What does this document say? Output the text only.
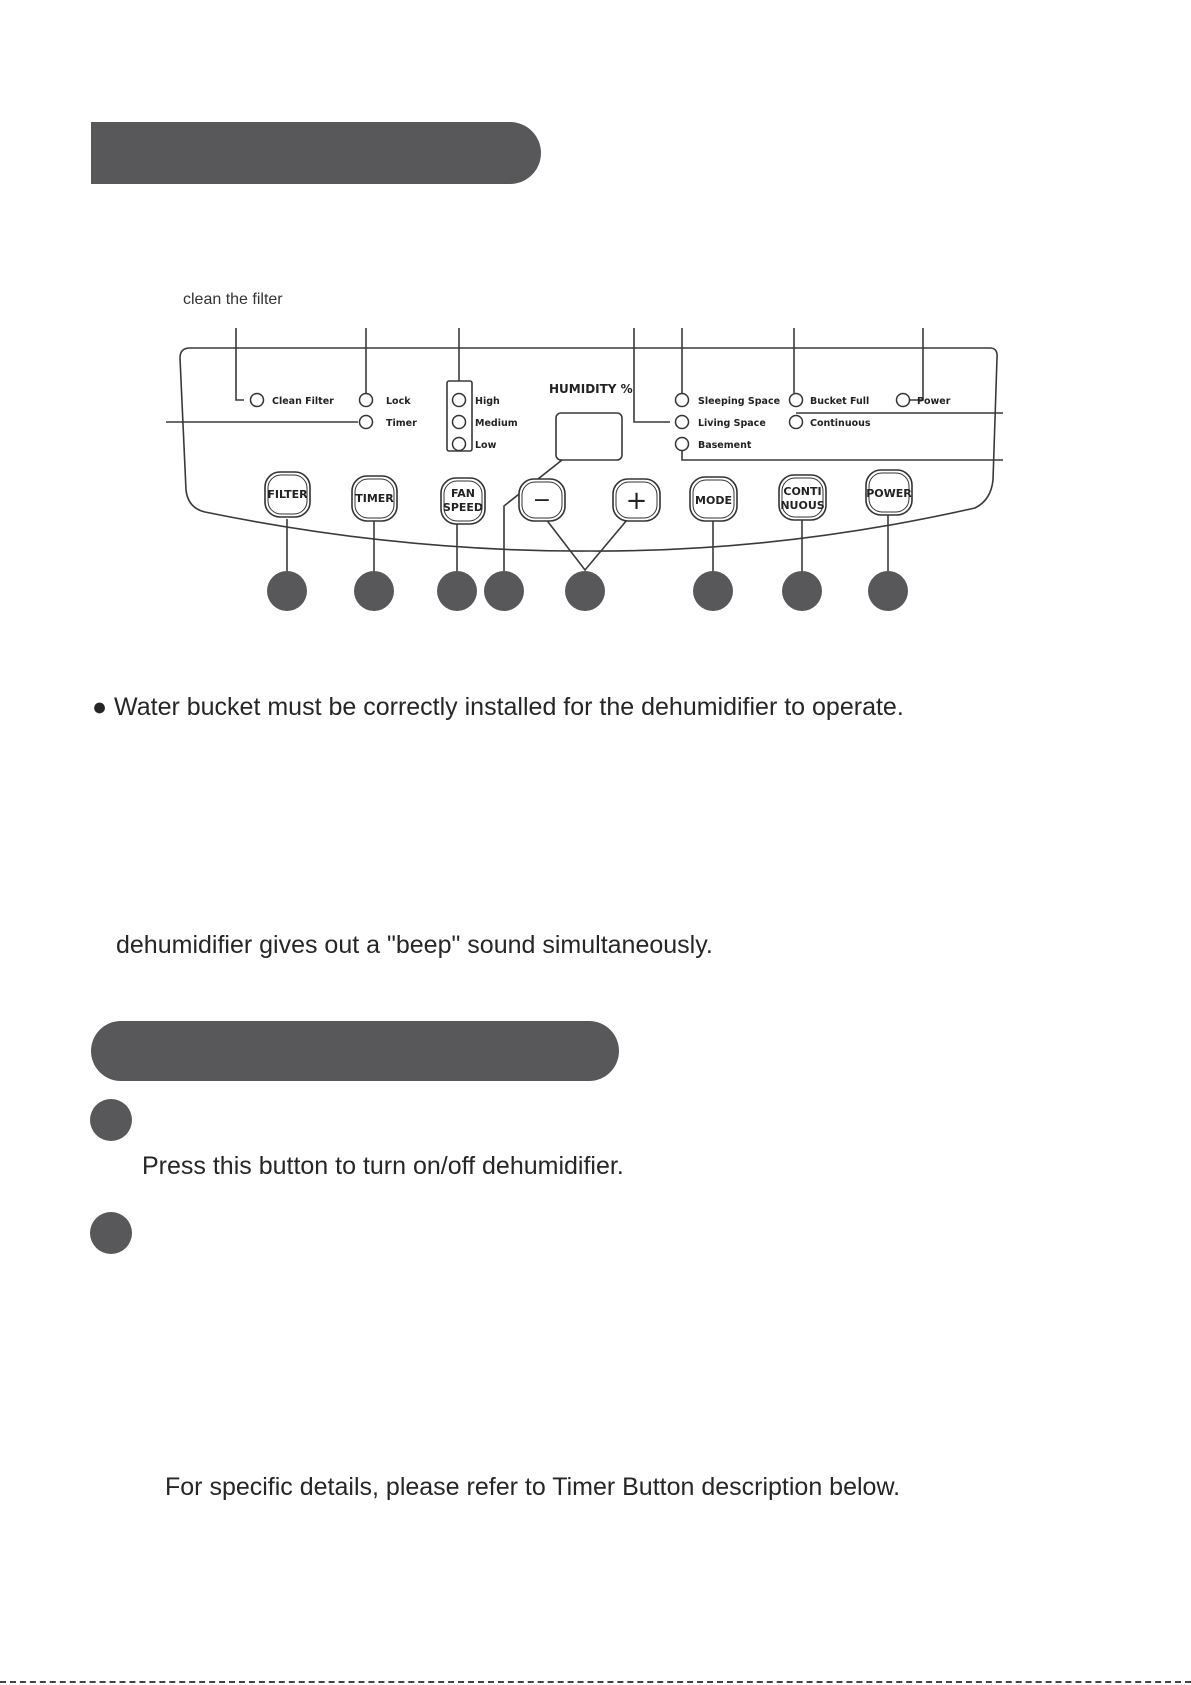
clean the filter
Clean Filter	Lock
Timer
High
Medium
Low
Sleeping Space
Living Space
Basement
Bucket Full
Continuous
Power
HUMIDITY %
FILTER	TIMER	FAN
SPEED −	+	MODE
CONTI
NUOUS
POWER
● Water bucket must be correctly installed for the dehumidifier to operate.
dehumidifier gives out a "beep" sound simultaneously.
Press this button to turn on/off dehumidifier.
For specific details, please refer to Timer Button description below.
